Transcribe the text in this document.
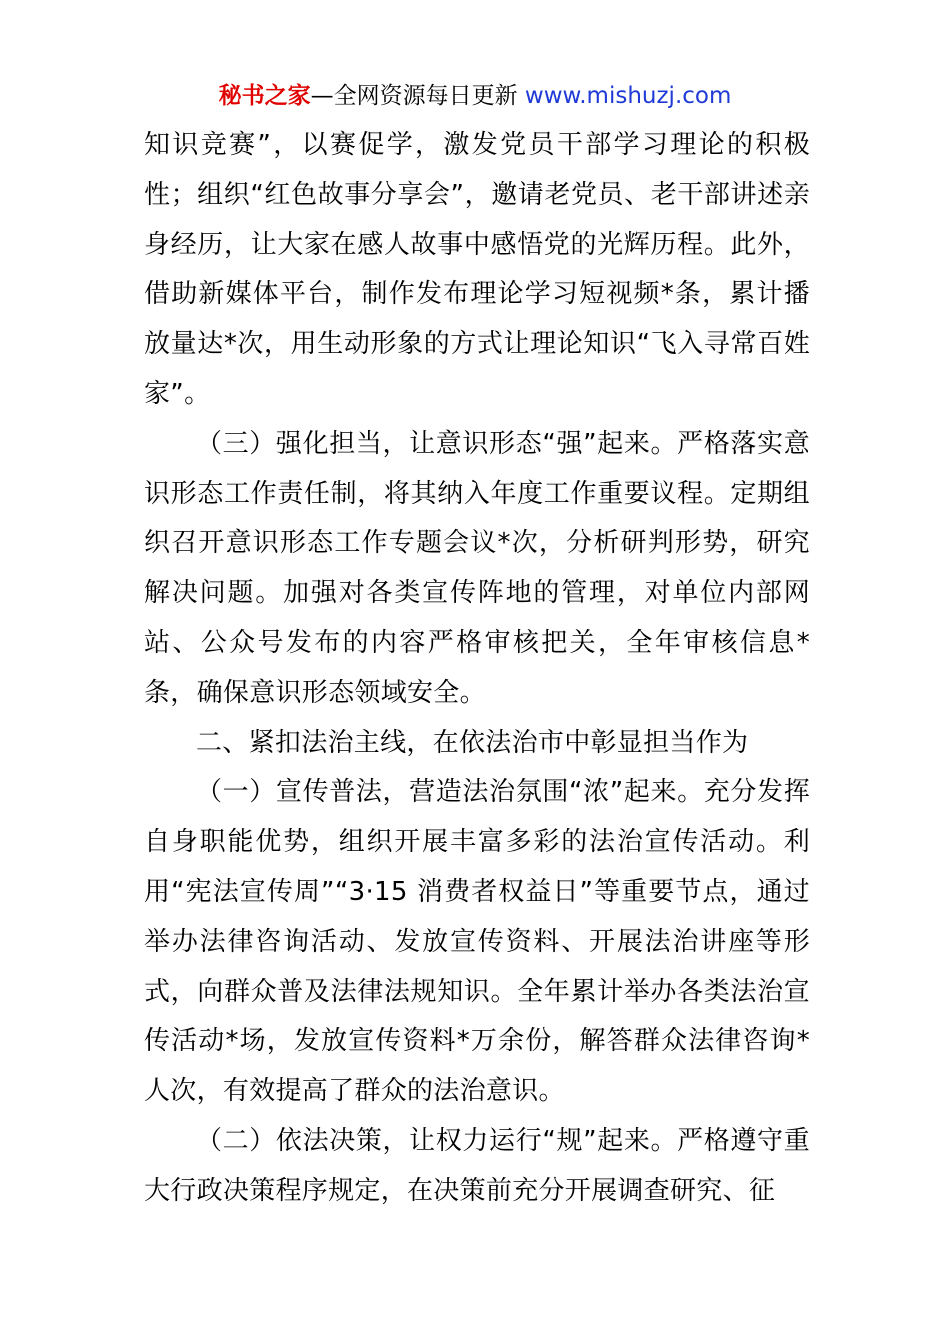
秘书之家—全网资源每日更新 www.mishuzj.com

知识竞赛”，以赛促学，激发党员干部学习理论的积极性；组织“红色故事分享会”，邀请老党员、老干部讲述亲身经历，让大家在感人故事中感悟党的光辉历程。此外，借助新媒体平台，制作发布理论学习短视频*条，累计播放量达*次，用生动形象的方式让理论知识“飞入寻常百姓家”。

（三）强化担当，让意识形态“强”起来。严格落实意识形态工作责任制，将其纳入年度工作重要议程。定期组织召开意识形态工作专题会议*次，分析研判形势，研究解决问题。加强对各类宣传阵地的管理，对单位内部网站、公众号发布的内容严格审核把关，全年审核信息*条，确保意识形态领域安全。

二、紧扣法治主线，在依法治市中彰显担当作为

（一）宣传普法，营造法治氛围“浓”起来。充分发挥自身职能优势，组织开展丰富多彩的法治宣传活动。利用“宪法宣传周”“3·15 消费者权益日”等重要节点，通过举办法律咨询活动、发放宣传资料、开展法治讲座等形式，向群众普及法律法规知识。全年累计举办各类法治宣传活动*场，发放宣传资料*万余份，解答群众法律咨询*人次，有效提高了群众的法治意识。

（二）依法决策，让权力运行“规”起来。严格遵守重大行政决策程序规定，在决策前充分开展调查研究、征
